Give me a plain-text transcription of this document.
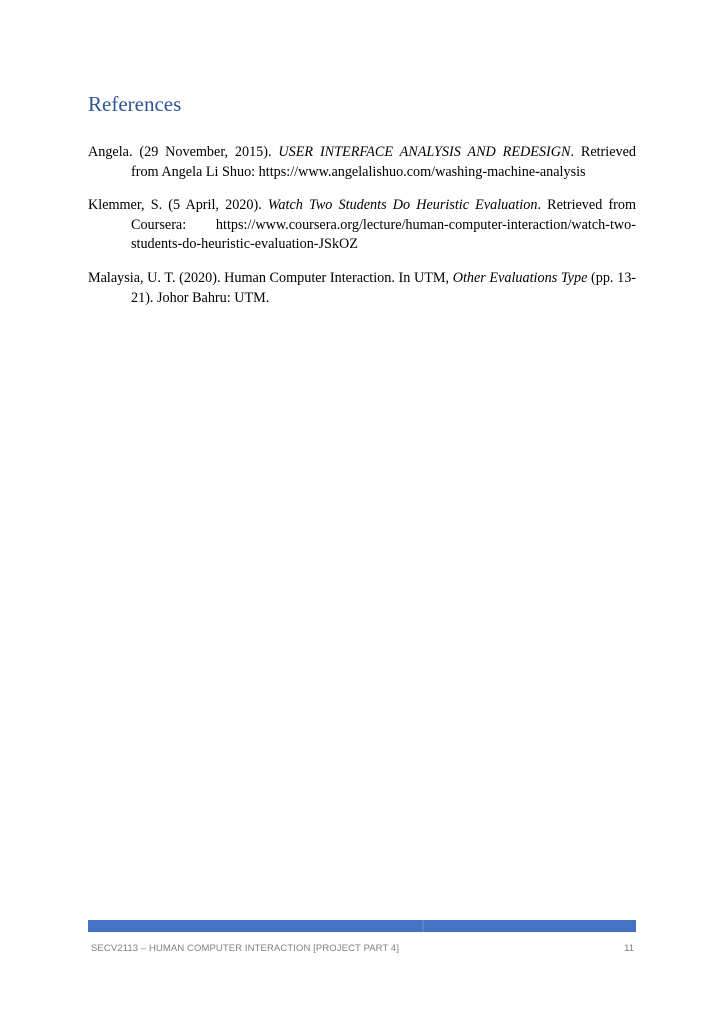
References

Angela. (29 November, 2015). USER INTERFACE ANALYSIS AND REDESIGN. Retrieved from Angela Li Shuo: https://www.angelalishuo.com/washing-machine-analysis

Klemmer, S. (5 April, 2020). Watch Two Students Do Heuristic Evaluation. Retrieved from Coursera: https://www.coursera.org/lecture/human-computer-interaction/watch-two-students-do-heuristic-evaluation-JSkOZ

Malaysia, U. T. (2020). Human Computer Interaction. In UTM, Other Evaluations Type (pp. 13-21). Johor Bahru: UTM.

SECV2113 – HUMAN COMPUTER INTERACTION [PROJECT PART 4]	11
